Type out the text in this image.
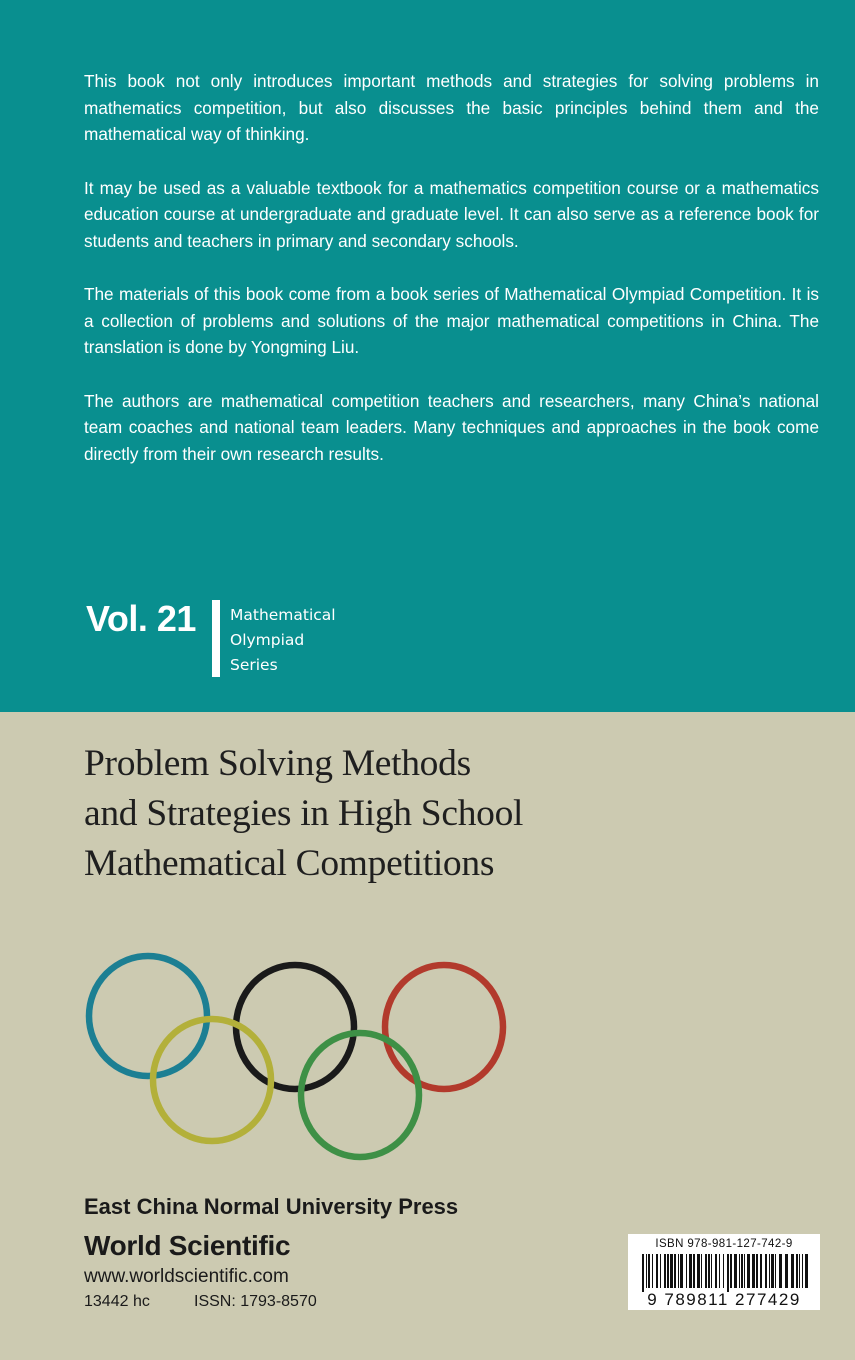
This book not only introduces important methods and strategies for solving problems in mathematics competition, but also discusses the basic principles behind them and the mathematical way of thinking.

It may be used as a valuable textbook for a mathematics competition course or a mathematics education course at undergraduate and graduate level. It can also serve as a reference book for students and teachers in primary and secondary schools.

The materials of this book come from a book series of Mathematical Olympiad Competition. It is a collection of problems and solutions of the major mathematical competitions in China. The translation is done by Yongming Liu.

The authors are mathematical competition teachers and researchers, many China’s national team coaches and national team leaders. Many techniques and approaches in the book come directly from their own research results.

Vol. 21 Mathematical
Olympiad
Series
Problem Solving Methods
and Strategies in High School
Mathematical Competitions
East China Normal University Press
World Scientific
www.worldscientific.com
13442 hc	ISSN: 1793-8570
ISBN 978-981-127-742-9
9 789811 277429
